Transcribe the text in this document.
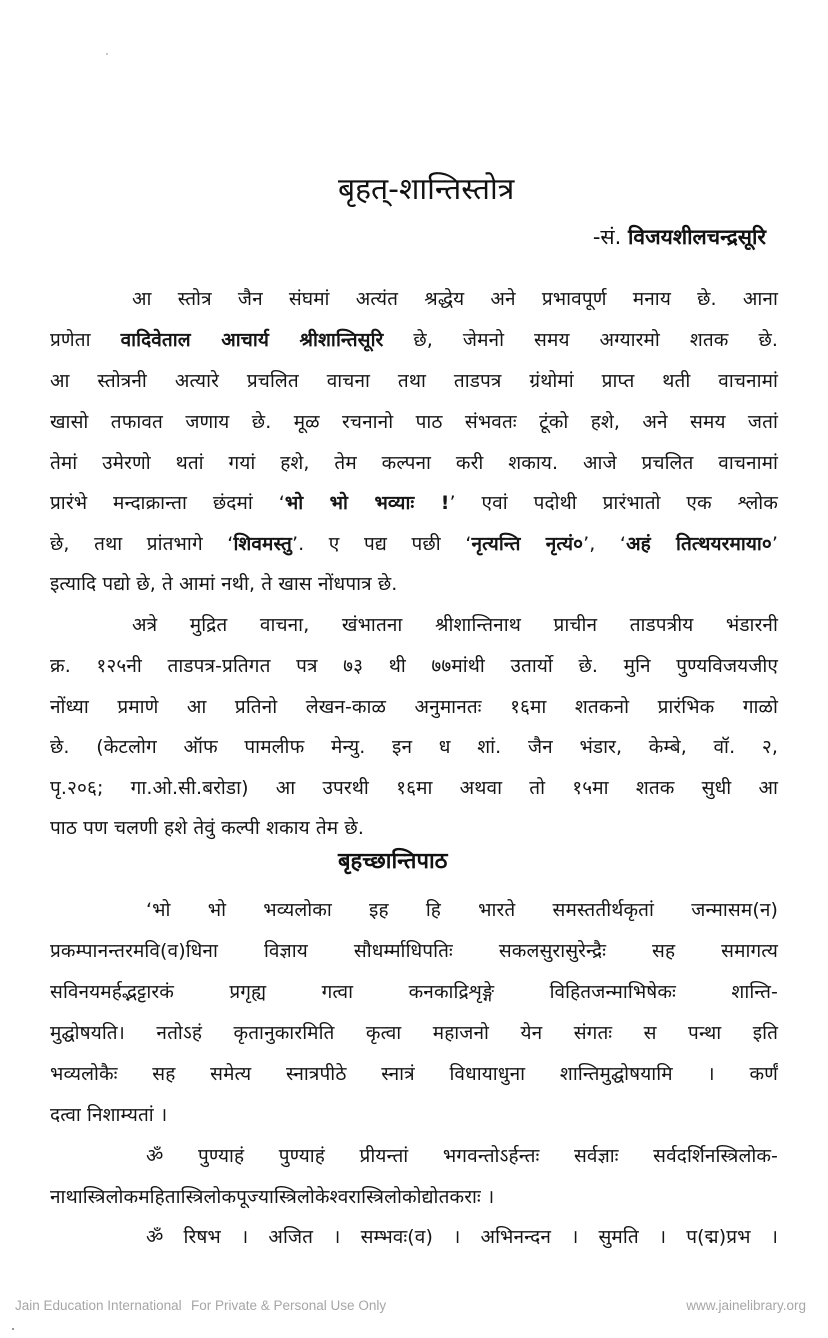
बृहत्-शान्तिस्तोत्र
-सं. विजयशीलचन्द्रसूरि
आ स्तोत्र जैन संघमां अत्यंत श्रद्धेय अने प्रभावपूर्ण मनाय छे. आना
प्रणेता वादिवेताल आचार्य श्रीशान्तिसूरि छे, जेमनो समय अग्यारमो शतक छे.
आ स्तोत्रनी अत्यारे प्रचलित वाचना तथा ताडपत्र ग्रंथोमां प्राप्त थती वाचनामां
खासो तफावत जणाय छे. मूळ रचनानो पाठ संभवतः टूंको हशे, अने समय जतां
तेमां उमेरणो थतां गयां हशे, तेम कल्पना करी शकाय. आजे प्रचलित वाचनामां
प्रारंभे मन्दाक्रान्ता छंदमां ‘भो भो भव्याः !’ एवां पदोथी प्रारंभातो एक श्लोक
छे, तथा प्रांतभागे ‘शिवमस्तु’. ए पद्य पछी ‘नृत्यन्ति नृत्यं०’, ‘अहं तित्थयरमाया०’
इत्यादि पद्यो छे, ते आमां नथी, ते खास नोंधपात्र छे.
अत्रे मुद्रित वाचना, खंभातना श्रीशान्तिनाथ प्राचीन ताडपत्रीय भंडारनी
क्र. १२५नी ताडपत्र-प्रतिगत पत्र ७३ थी ७७मांथी उतार्यो छे. मुनि पुण्यविजयजीए
नोंध्या प्रमाणे आ प्रतिनो लेखन-काळ अनुमानतः १६मा शतकनो प्रारंभिक गाळो
छे. (केटलोग ऑफ पामलीफ मेन्यु. इन ध शां. जैन भंडार, केम्बे, वॉ. २,
पृ.२०६; गा.ओ.सी.बरोडा) आ उपरथी १६मा अथवा तो १५मा शतक सुधी आ
पाठ पण चलणी हशे तेवुं कल्पी शकाय तेम छे.
बृहच्छान्तिपाठ
‘भो भो भव्यलोका इह हि भारते समस्ततीर्थकृतां जन्मासम(न)
प्रकम्पानन्तरमवि(व)धिना विज्ञाय सौधर्म्माधिपतिः सकलसुरासुरेन्द्रैः सह समागत्य
सविनयमर्हद्भट्टारकं प्रगृह्य गत्वा कनकाद्रिशृङ्गे विहितजन्माभिषेकः शान्ति-
मुद्घोषयति। नतोऽहं कृतानुकारमिति कृत्वा महाजनो येन संगतः स पन्था इति
भव्यलोकैः सह समेत्य स्नात्रपीठे स्नात्रं विधायाधुना शान्तिमुद्घोषयामि । कर्णं
दत्वा निशाम्यतां ।
ॐ पुण्याहं पुण्याहं प्रीयन्तां भगवन्तोऽर्हन्तः सर्वज्ञाः सर्वदर्शिनस्त्रिलोक-
नाथास्त्रिलोकमहितास्त्रिलोकपूज्यास्त्रिलोकेश्वरास्त्रिलोकोद्योतकराः ।
ॐ रिषभ । अजित । सम्भवः(व) । अभिनन्दन । सुमति । प(द्म)प्रभ ।
Jain Education International For Private & Personal Use Only	www.jainelibrary.org
